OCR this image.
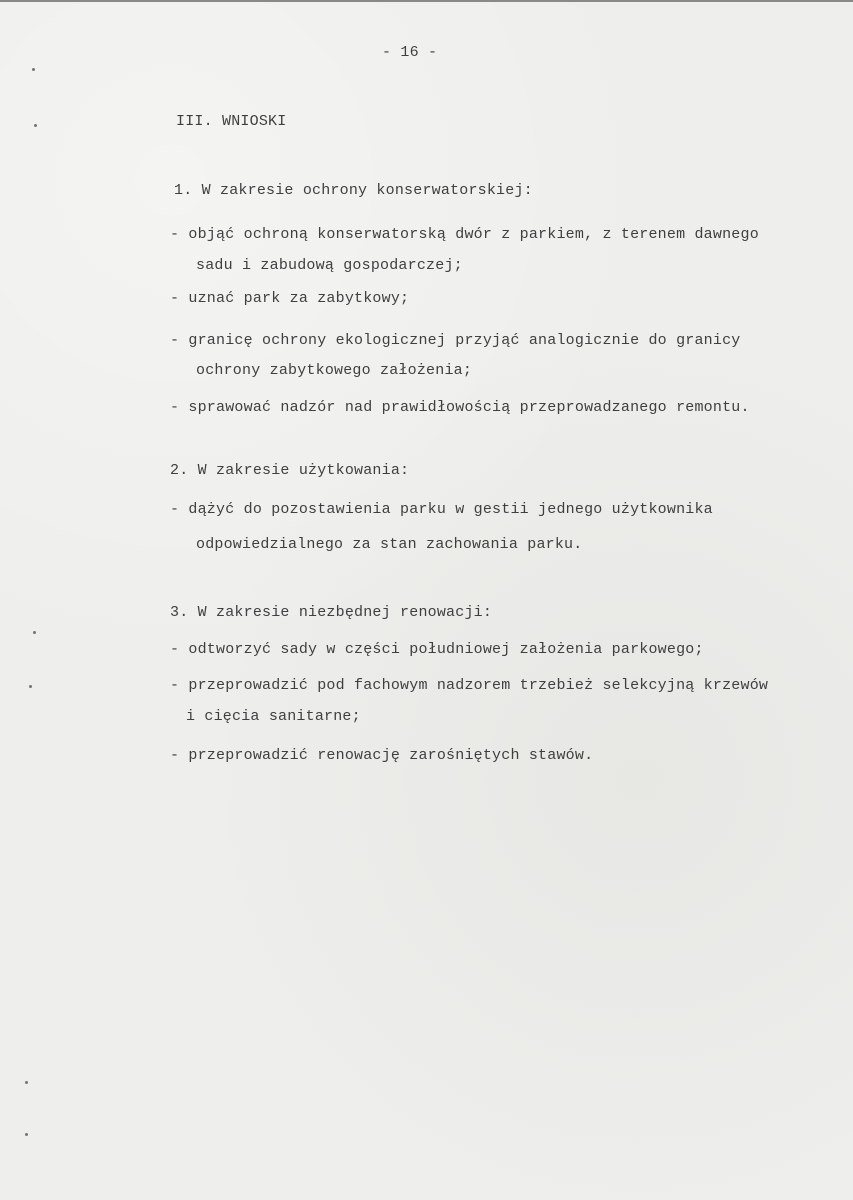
- 16 -
III. WNIOSKI
1. W zakresie ochrony konserwatorskiej:
- objąć ochroną konserwatorską dwór z parkiem, z terenem dawnego
sadu i zabudową gospodarczej;
- uznać park za zabytkowy;
- granicę ochrony ekologicznej przyjąć analogicznie do granicy
ochrony zabytkowego założenia;
- sprawować nadzór nad prawidłowością przeprowadzanego remontu.
2. W zakresie użytkowania:
- dążyć do pozostawienia parku w gestii jednego użytkownika
odpowiedzialnego za stan zachowania parku.
3. W zakresie niezbędnej renowacji:
- odtworzyć sady w części południowej założenia parkowego;
- przeprowadzić pod fachowym nadzorem trzebież selekcyjną krzewów
i cięcia sanitarne;
- przeprowadzić renowację zarośniętych stawów.
